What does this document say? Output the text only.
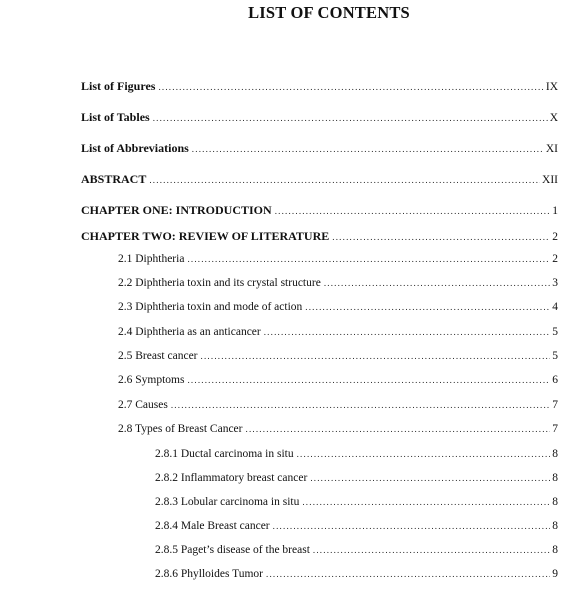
LIST OF CONTENTS
List of Figures .....	IX
List of Tables .....	X
List of Abbreviations .....	XI
ABSTRACT .....	XII
CHAPTER ONE: INTRODUCTION .....	1
CHAPTER TWO: REVIEW OF LITERATURE .....	2
2.1 Diphtheria .....	2
2.2 Diphtheria toxin and its crystal structure .....	3
2.3 Diphtheria toxin and mode of action .....	4
2.4 Diphtheria as an anticancer .....	5
2.5 Breast cancer .....	5
2.6 Symptoms .....	6
2.7 Causes .....	7
2.8 Types of Breast Cancer .....	7
2.8.1 Ductal carcinoma in situ .....	8
2.8.2 Inflammatory breast cancer .....	8
2.8.3 Lobular carcinoma in situ .....	8
2.8.4 Male Breast cancer .....	8
2.8.5 Paget’s disease of the breast .....	8
2.8.6 Phylloides Tumor .....	9
